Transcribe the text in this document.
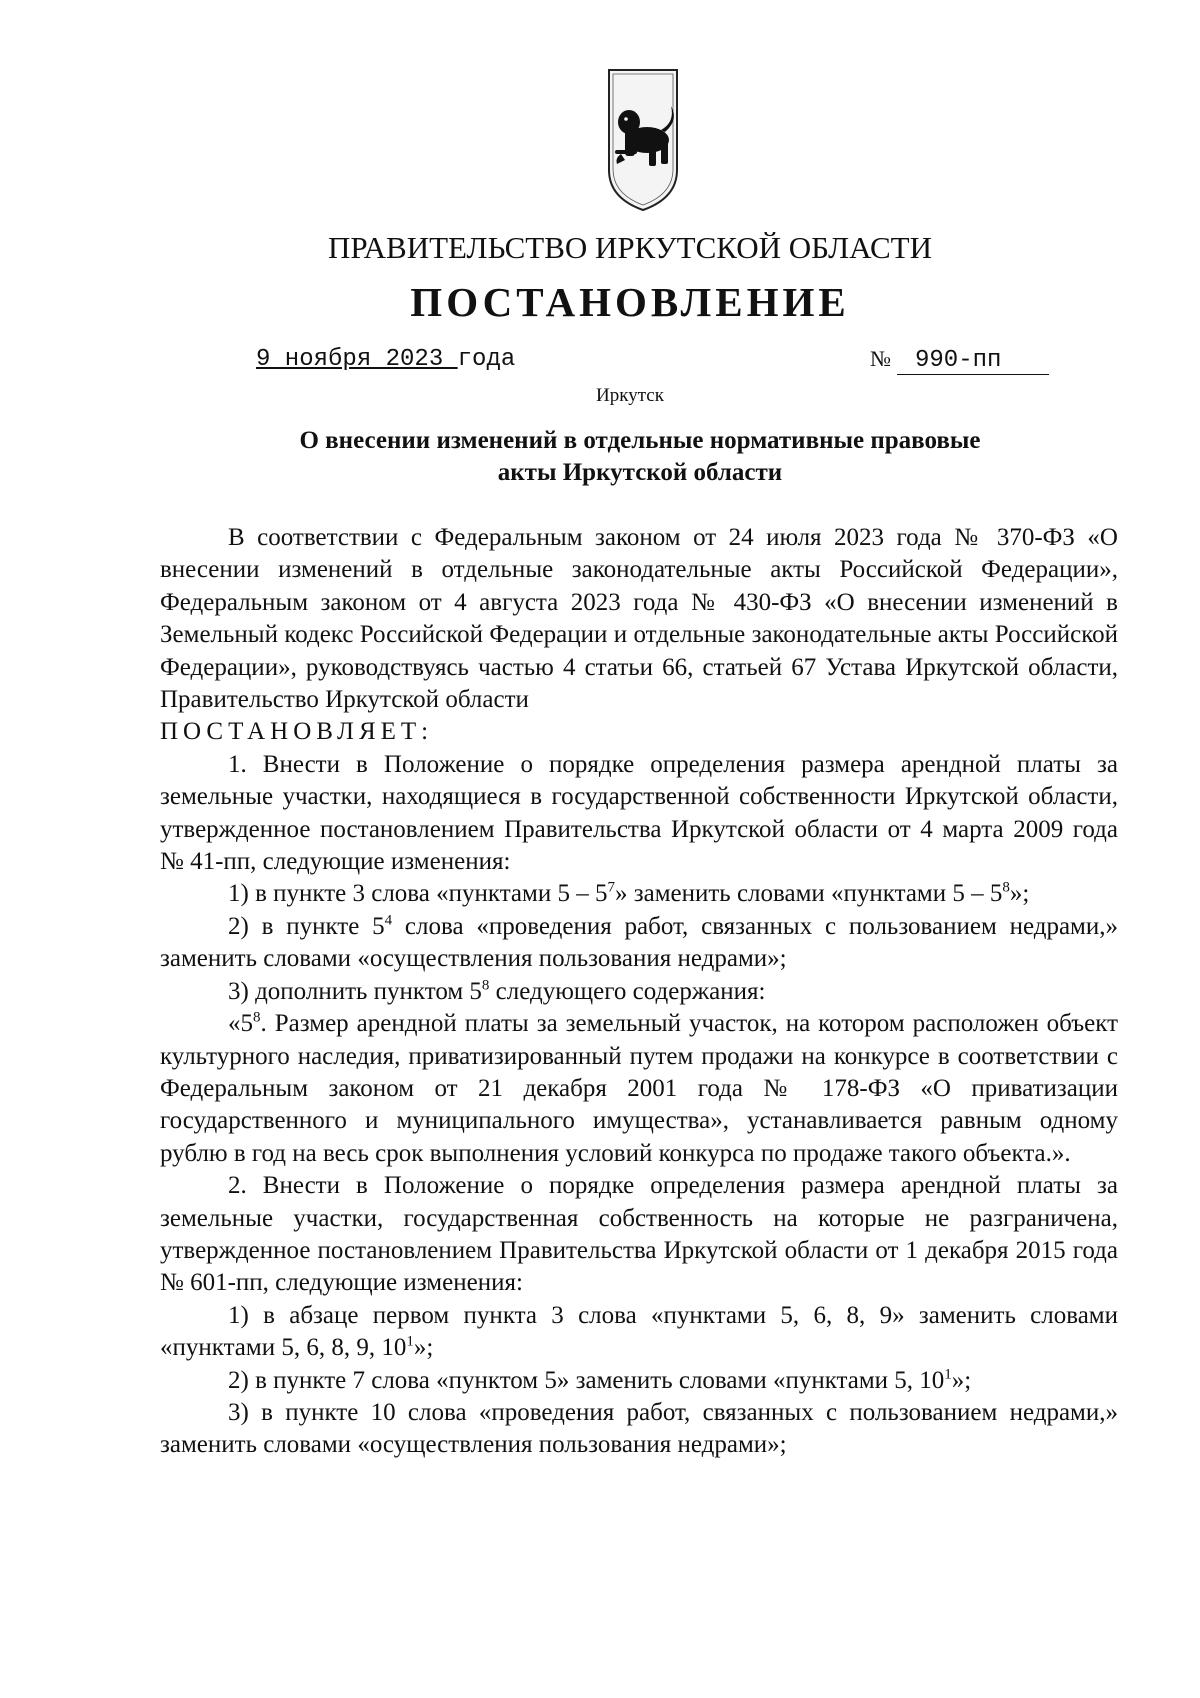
ПРАВИТЕЛЬСТВО ИРКУТСКОЙ ОБЛАСТИ
ПОСТАНОВЛЕНИЕ
9 ноября 2023 года	№ 990-пп
Иркутск
О внесении изменений в отдельные нормативные правовые
акты Иркутской области

В соответствии с Федеральным законом от 24 июля 2023 года № 370-ФЗ «О внесении изменений в отдельные законодательные акты Российской Федерации», Федеральным законом от 4 августа 2023 года № 430-ФЗ «О внесении изменений в Земельный кодекс Российской Федерации и отдельные законодательные акты Российской Федерации», руководствуясь частью 4 статьи 66, статьей 67 Устава Иркутской области, Правительство Иркутской области

ПОСТАНОВЛЯЕТ:

1. Внести в Положение о порядке определения размера арендной платы за земельные участки, находящиеся в государственной собственности Иркутской области, утвержденное постановлением Правительства Иркутской области от 4 марта 2009 года № 41-пп, следующие изменения:

1) в пункте 3 слова «пунктами $5 - 5^7$» заменить словами «пунктами $5 - 5^8$»;

2) в пункте $5^4$ слова «проведения работ, связанных с пользованием недрами,» заменить словами «осуществления пользования недрами»;

3) дополнить пунктом $5^8$ следующего содержания:

«$5^8$. Размер арендной платы за земельный участок, на котором расположен объект культурного наследия, приватизированный путем продажи на конкурсе в соответствии с Федеральным законом от 21 декабря 2001 года № 178-ФЗ «О приватизации государственного и муниципального имущества», устанавливается равным одному рублю в год на весь срок выполнения условий конкурса по продаже такого объекта.».

2. Внести в Положение о порядке определения размера арендной платы за земельные участки, государственная собственность на которые не разграничена, утвержденное постановлением Правительства Иркутской области от 1 декабря 2015 года № 601-пп, следующие изменения:

1) в абзаце первом пункта 3 слова «пунктами 5, 6, 8, 9» заменить словами «пунктами 5, 6, 8, 9, $10^1$»;

2) в пункте 7 слова «пунктом 5» заменить словами «пунктами 5, $10^1$»;

3) в пункте 10 слова «проведения работ, связанных с пользованием недрами,» заменить словами «осуществления пользования недрами»;
